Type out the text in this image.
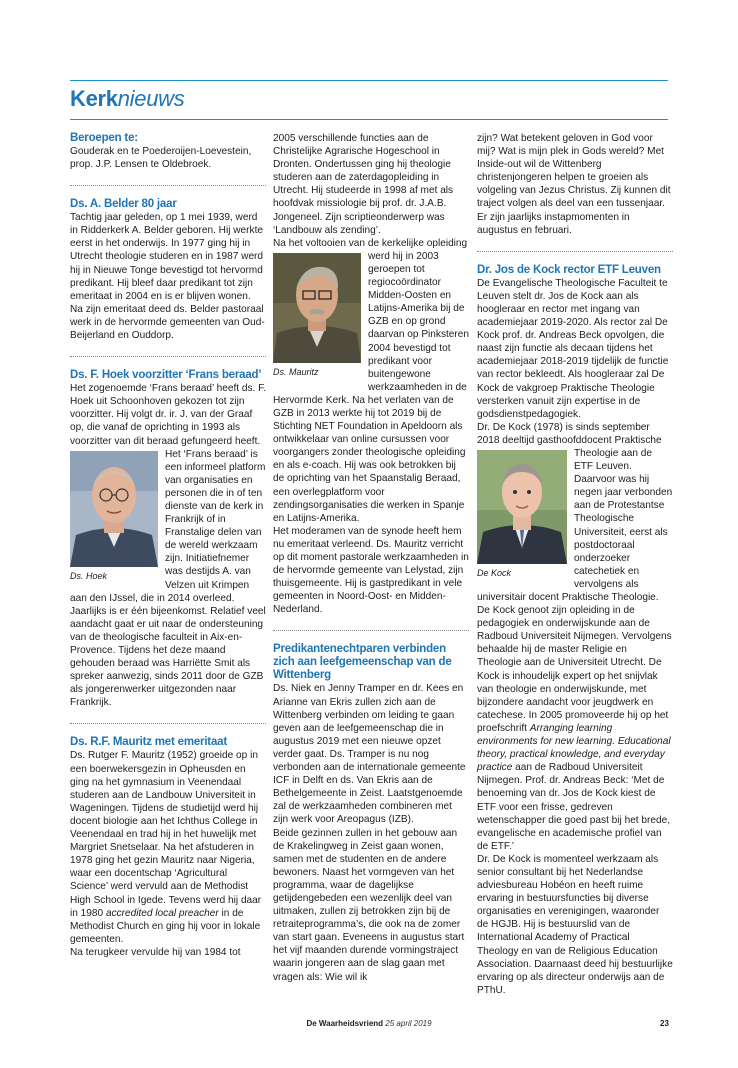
Kerknieuws
Beroepen te:

Gouderak en te Poederoijen-Loevestein, prop. J.P. Lensen te Oldebroek.

Ds. A. Belder 80 jaar

Tachtig jaar geleden, op 1 mei 1939, werd in Ridderkerk A. Belder geboren. Hij werkte eerst in het onderwijs. In 1977 ging hij in Utrecht theologie studeren en in 1987 werd hij in Nieuwe Tonge bevestigd tot hervormd predikant. Hij bleef daar predikant tot zijn emeritaat in 2004 en is er blijven wonen. Na zijn emeritaat deed ds. Belder pastoraal werk in de hervormde gemeenten van Oud-Beijerland en Ouddorp.

Ds. F. Hoek voorzitter ‘Frans beraad’

Het zogenoemde ‘Frans beraad’ heeft ds. F. Hoek uit Schoonhoven gekozen tot zijn voorzitter. Hij volgt dr. ir. J. van der Graaf op, die vanaf de oprichting in 1993 als voorzitter van dit beraad gefungeerd heeft.

Ds. Hoek

Het ‘Frans beraad’ is een informeel platform van organisaties en personen die in of ten dienste van de kerk in Frankrijk of in Franstalige delen van de wereld werkzaam zijn. Initiatiefnemer was destijds A. van Velzen uit Krimpen aan den IJssel, die in 2014 overleed. Jaarlijks is er één bijeenkomst. Relatief veel aandacht gaat er uit naar de ondersteuning van de theologische faculteit in Aix-en-Provence. Tijdens het deze maand gehouden beraad was Harriëtte Smit als spreker aanwezig, sinds 2011 door de GZB als jongerenwerker uitgezonden naar Frankrijk.

Ds. R.F. Mauritz met emeritaat

Ds. Rutger F. Mauritz (1952) groeide op in een boerwekersgezin in Opheusden en ging na het gymnasium in Veenendaal studeren aan de Landbouw Universiteit in Wageningen. Tijdens de studietijd werd hij docent biologie aan het Ichthus College in Veenendaal en trad hij in het huwelijk met Margriet Snetselaar. Na het afstuderen in 1978 ging het gezin Mauritz naar Nigeria, waar een docentschap ‘Agricultural Science’ werd vervuld aan de Methodist High School in Igede. Tevens werd hij daar in 1980 accredited local preacher in de Methodist Church en ging hij voor in lokale gemeenten.

Na terugkeer vervulde hij van 1984 tot

2005 verschillende functies aan de Christelijke Agrarische Hogeschool in Dronten. Ondertussen ging hij theologie studeren aan de zaterdagopleiding in Utrecht. Hij studeerde in 1998 af met als hoofdvak missiologie bij prof. dr. J.A.B. Jongeneel. Zijn scriptieonderwerp was ‘Landbouw als zending’.

Na het voltooien van de kerkelijke opleiding

Ds. Mauritz

werd hij in 2003 geroepen tot regiocoördinator Midden-Oosten en Latijns-Amerika bij de GZB en op grond daarvan op Pinksteren 2004 bevestigd tot predikant voor buitengewone werkzaamheden in de Hervormde Kerk. Na het verlaten van de GZB in 2013 werkte hij tot 2019 bij de Stichting NET Foundation in Apeldoorn als ontwikkelaar van online cursussen voor voorgangers zonder theologische opleiding en als e-coach. Hij was ook betrokken bij de oprichting van het Spaanstalig Beraad, een overlegplatform voor zendingsorganisaties die werken in Spanje en Latijns-Amerika.

Het moderamen van de synode heeft hem nu emeritaat verleend. Ds. Mauritz verricht op dit moment pastorale werkzaamheden in de hervormde gemeente van Lelystad, zijn thuisgemeente. Hij is gastpredikant in vele gemeenten in Noord-Oost- en Midden-Nederland.

Predikantenechtparen verbinden zich aan leefgemeenschap van de Wittenberg

Ds. Niek en Jenny Tramper en dr. Kees en Arianne van Ekris zullen zich aan de Wittenberg verbinden om leiding te gaan geven aan de leefgemeenschap die in augustus 2019 met een nieuwe opzet verder gaat. Ds. Tramper is nu nog verbonden aan de internationale gemeente ICF in Delft en ds. Van Ekris aan de Bethelgemeente in Zeist. Laatstgenoemde zal de werkzaamheden combineren met zijn werk voor Areopagus (IZB).

Beide gezinnen zullen in het gebouw aan de Krakelingweg in Zeist gaan wonen, samen met de studenten en de andere bewoners. Naast het vormgeven van het programma, waar de dagelijkse getijdengebeden een wezenlijk deel van uitmaken, zullen zij betrokken zijn bij de retraiteprogramma’s, die ook na de zomer van start gaan. Eveneens in augustus start het vijf maanden durende vormingstraject waarin jongeren aan de slag gaan met vragen als: Wie wil ik

zijn? Wat betekent geloven in God voor mij? Wat is mijn plek in Gods wereld? Met Inside-out wil de Wittenberg christenjongeren helpen te groeien als volgeling van Jezus Christus. Zij kunnen dit traject volgen als deel van een tussenjaar. Er zijn jaarlijks instapmomenten in augustus en februari.

Dr. Jos de Kock rector ETF Leuven

De Evangelische Theologische Faculteit te Leuven stelt dr. Jos de Kock aan als hoogleraar en rector met ingang van academiejaar 2019-2020. Als rector zal De Kock prof. dr. Andreas Beck opvolgen, die naast zijn functie als decaan tijdens het academiejaar 2018-2019 tijdelijk de functie van rector bekleedt. Als hoogleraar zal De Kock de vakgroep Praktische Theologie versterken vanuit zijn expertise in de godsdienstpedagogiek.

Dr. De Kock (1978) is sinds september 2018 deeltijd gasthoofddocent Praktische

De Kock

Theologie aan de ETF Leuven. Daarvoor was hij negen jaar verbonden aan de Protestantse Theologische Universiteit, eerst als postdoctoraal onderzoeker catechetiek en vervolgens als universitair docent Praktische Theologie. De Kock genoot zijn opleiding in de pedagogiek en onderwijskunde aan de Radboud Universiteit Nijmegen. Vervolgens behaalde hij de master Religie en Theologie aan de Universiteit Utrecht. De Kock is inhoudelijk expert op het snijvlak van theologie en onderwijskunde, met bijzondere aandacht voor jeugdwerk en catechese. In 2005 promoveerde hij op het proefschrift Arranging learning environments for new learning. Educational theory, practical knowledge, and everyday practice aan de Radboud Universiteit Nijmegen. Prof. dr. Andreas Beck: ‘Met de benoeming van dr. Jos de Kock kiest de ETF voor een frisse, gedreven wetenschapper die goed past bij het brede, evangelische en academische profiel van de ETF.’

Dr. De Kock is momenteel werkzaam als senior consultant bij het Nederlandse adviesbureau Hobéon en heeft ruime ervaring in bestuursfuncties bij diverse organisaties en verenigingen, waaronder de HGJB. Hij is bestuurslid van de International Academy of Practical Theology en van de Religious Education Association. Daarnaast deed hij bestuurlijke ervaring op als directeur onderwijs aan de PThU.

De Waarheidsvriend 25 april 2019	23
